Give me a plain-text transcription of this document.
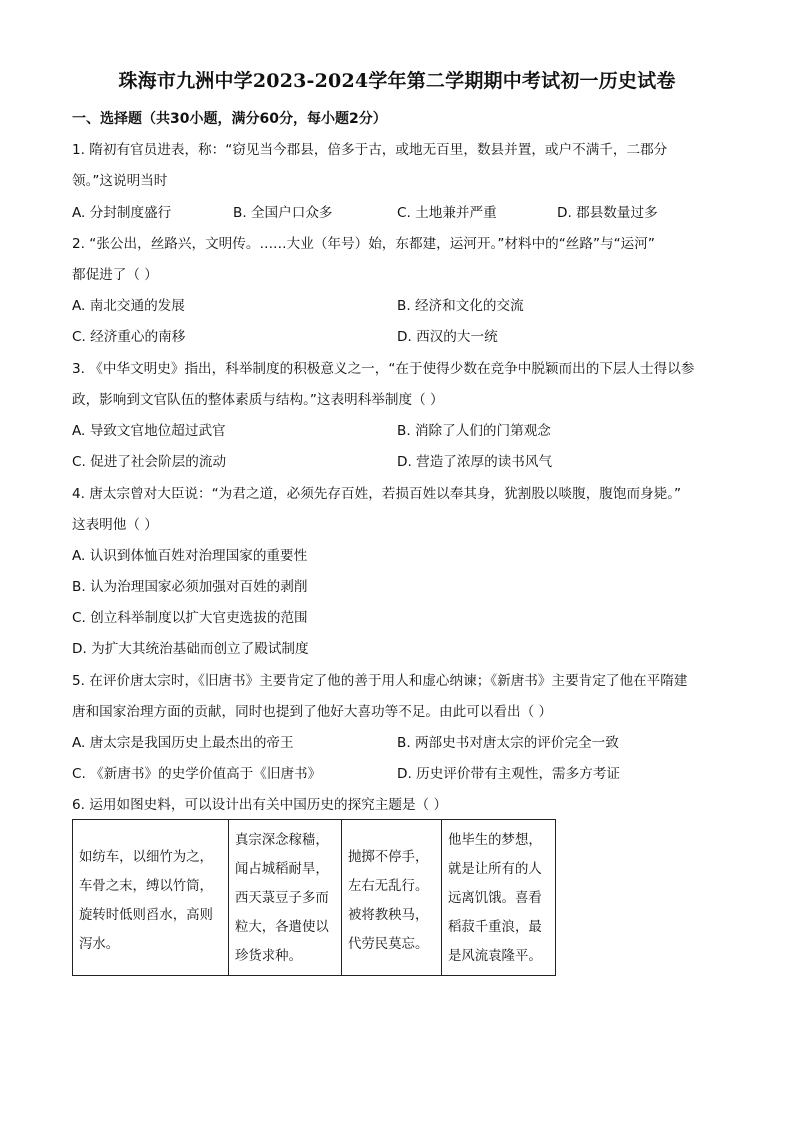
珠海市九洲中学2023-2024学年第二学期期中考试初一历史试卷
一、选择题（共30小题，满分60分，每小题2分）
1. 隋初有官员进表，称：“窃见当今郡县，倍多于古，或地无百里，数县并置，或户不满千，二郡分
领。”这说明当时
A. 分封制度盛行	B. 全国户口众多	C. 土地兼并严重	D. 郡县数量过多
2. “张公出，丝路兴，文明传。……大业（年号）始，东都建，运河开。”材料中的“丝路”与“运河”
都促进了（ ）
A. 南北交通的发展	B. 经济和文化的交流
C. 经济重心的南移	D. 西汉的大一统
3. 《中华文明史》指出，科举制度的积极意义之一，“在于使得少数在竞争中脱颖而出的下层人士得以参
政，影响到文官队伍的整体素质与结构。”这表明科举制度（ ）
A. 导致文官地位超过武官	B. 消除了人们的门第观念
C. 促进了社会阶层的流动	D. 营造了浓厚的读书风气
4. 唐太宗曾对大臣说：“为君之道，必须先存百姓，若损百姓以奉其身，犹割股以啖腹，腹饱而身毙。”
这表明他（ ）
A. 认识到体恤百姓对治理国家的重要性
B. 认为治理国家必须加强对百姓的剥削
C. 创立科举制度以扩大官吏选拔的范围
D. 为扩大其统治基础而创立了殿试制度
5. 在评价唐太宗时，《旧唐书》主要肯定了他的善于用人和虚心纳谏；《新唐书》主要肯定了他在平隋建
唐和国家治理方面的贡献，同时也提到了他好大喜功等不足。由此可以看出（ ）
A. 唐太宗是我国历史上最杰出的帝王	B. 两部史书对唐太宗的评价完全一致
C. 《新唐书》的史学价值高于《旧唐书》	D. 历史评价带有主观性，需多方考证
6. 运用如图史料，可以设计出有关中国历史的探究主题是（ ）
如纺车，以细竹为之，
车骨之末，缚以竹筒，
旋转时低则舀水，高则
泻水。

真宗深念稼穑，
闻占城稻耐旱，
西天菉豆子多而
粒大，各遣使以
珍货求种。

抛掷不停手，
左右无乱行。
被将教秧马，
代劳民莫忘。

他毕生的梦想，
就是让所有的人
远离饥饿。喜看
稻菽千重浪，最
是风流袁隆平。
